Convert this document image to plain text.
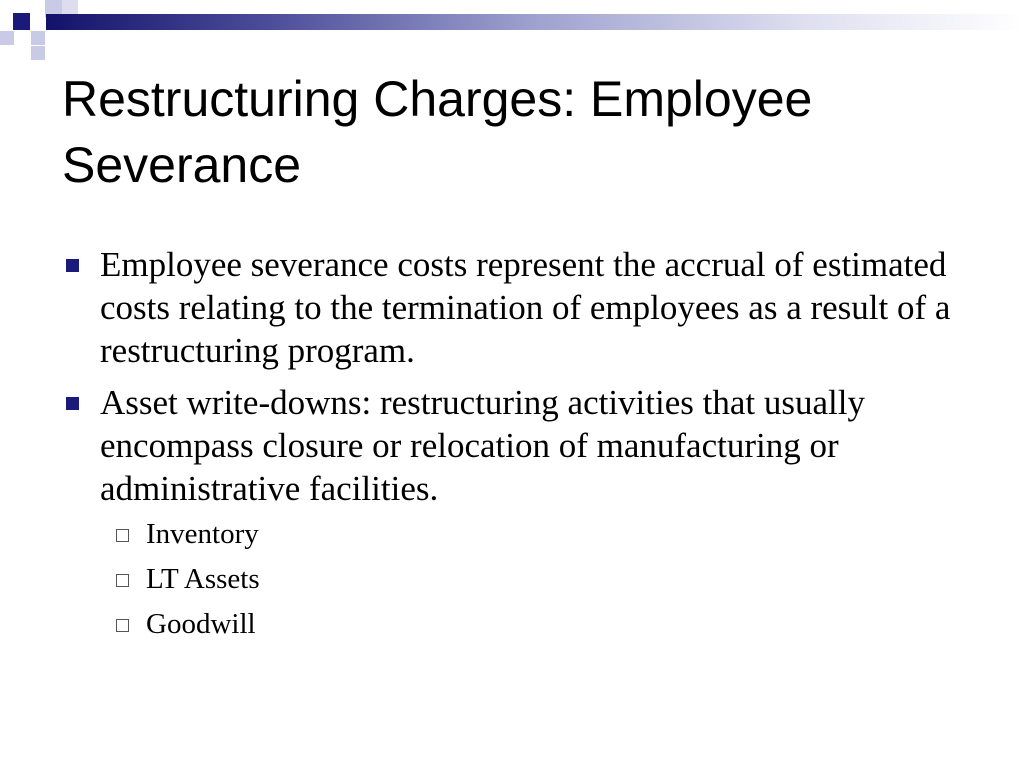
Restructuring Charges: Employee Severance
Employee severance costs represent the accrual of estimated costs relating to the termination of employees as a result of a restructuring program.
Asset write-downs: restructuring activities that usually encompass closure or relocation of manufacturing or administrative facilities.
Inventory
LT Assets
Goodwill
